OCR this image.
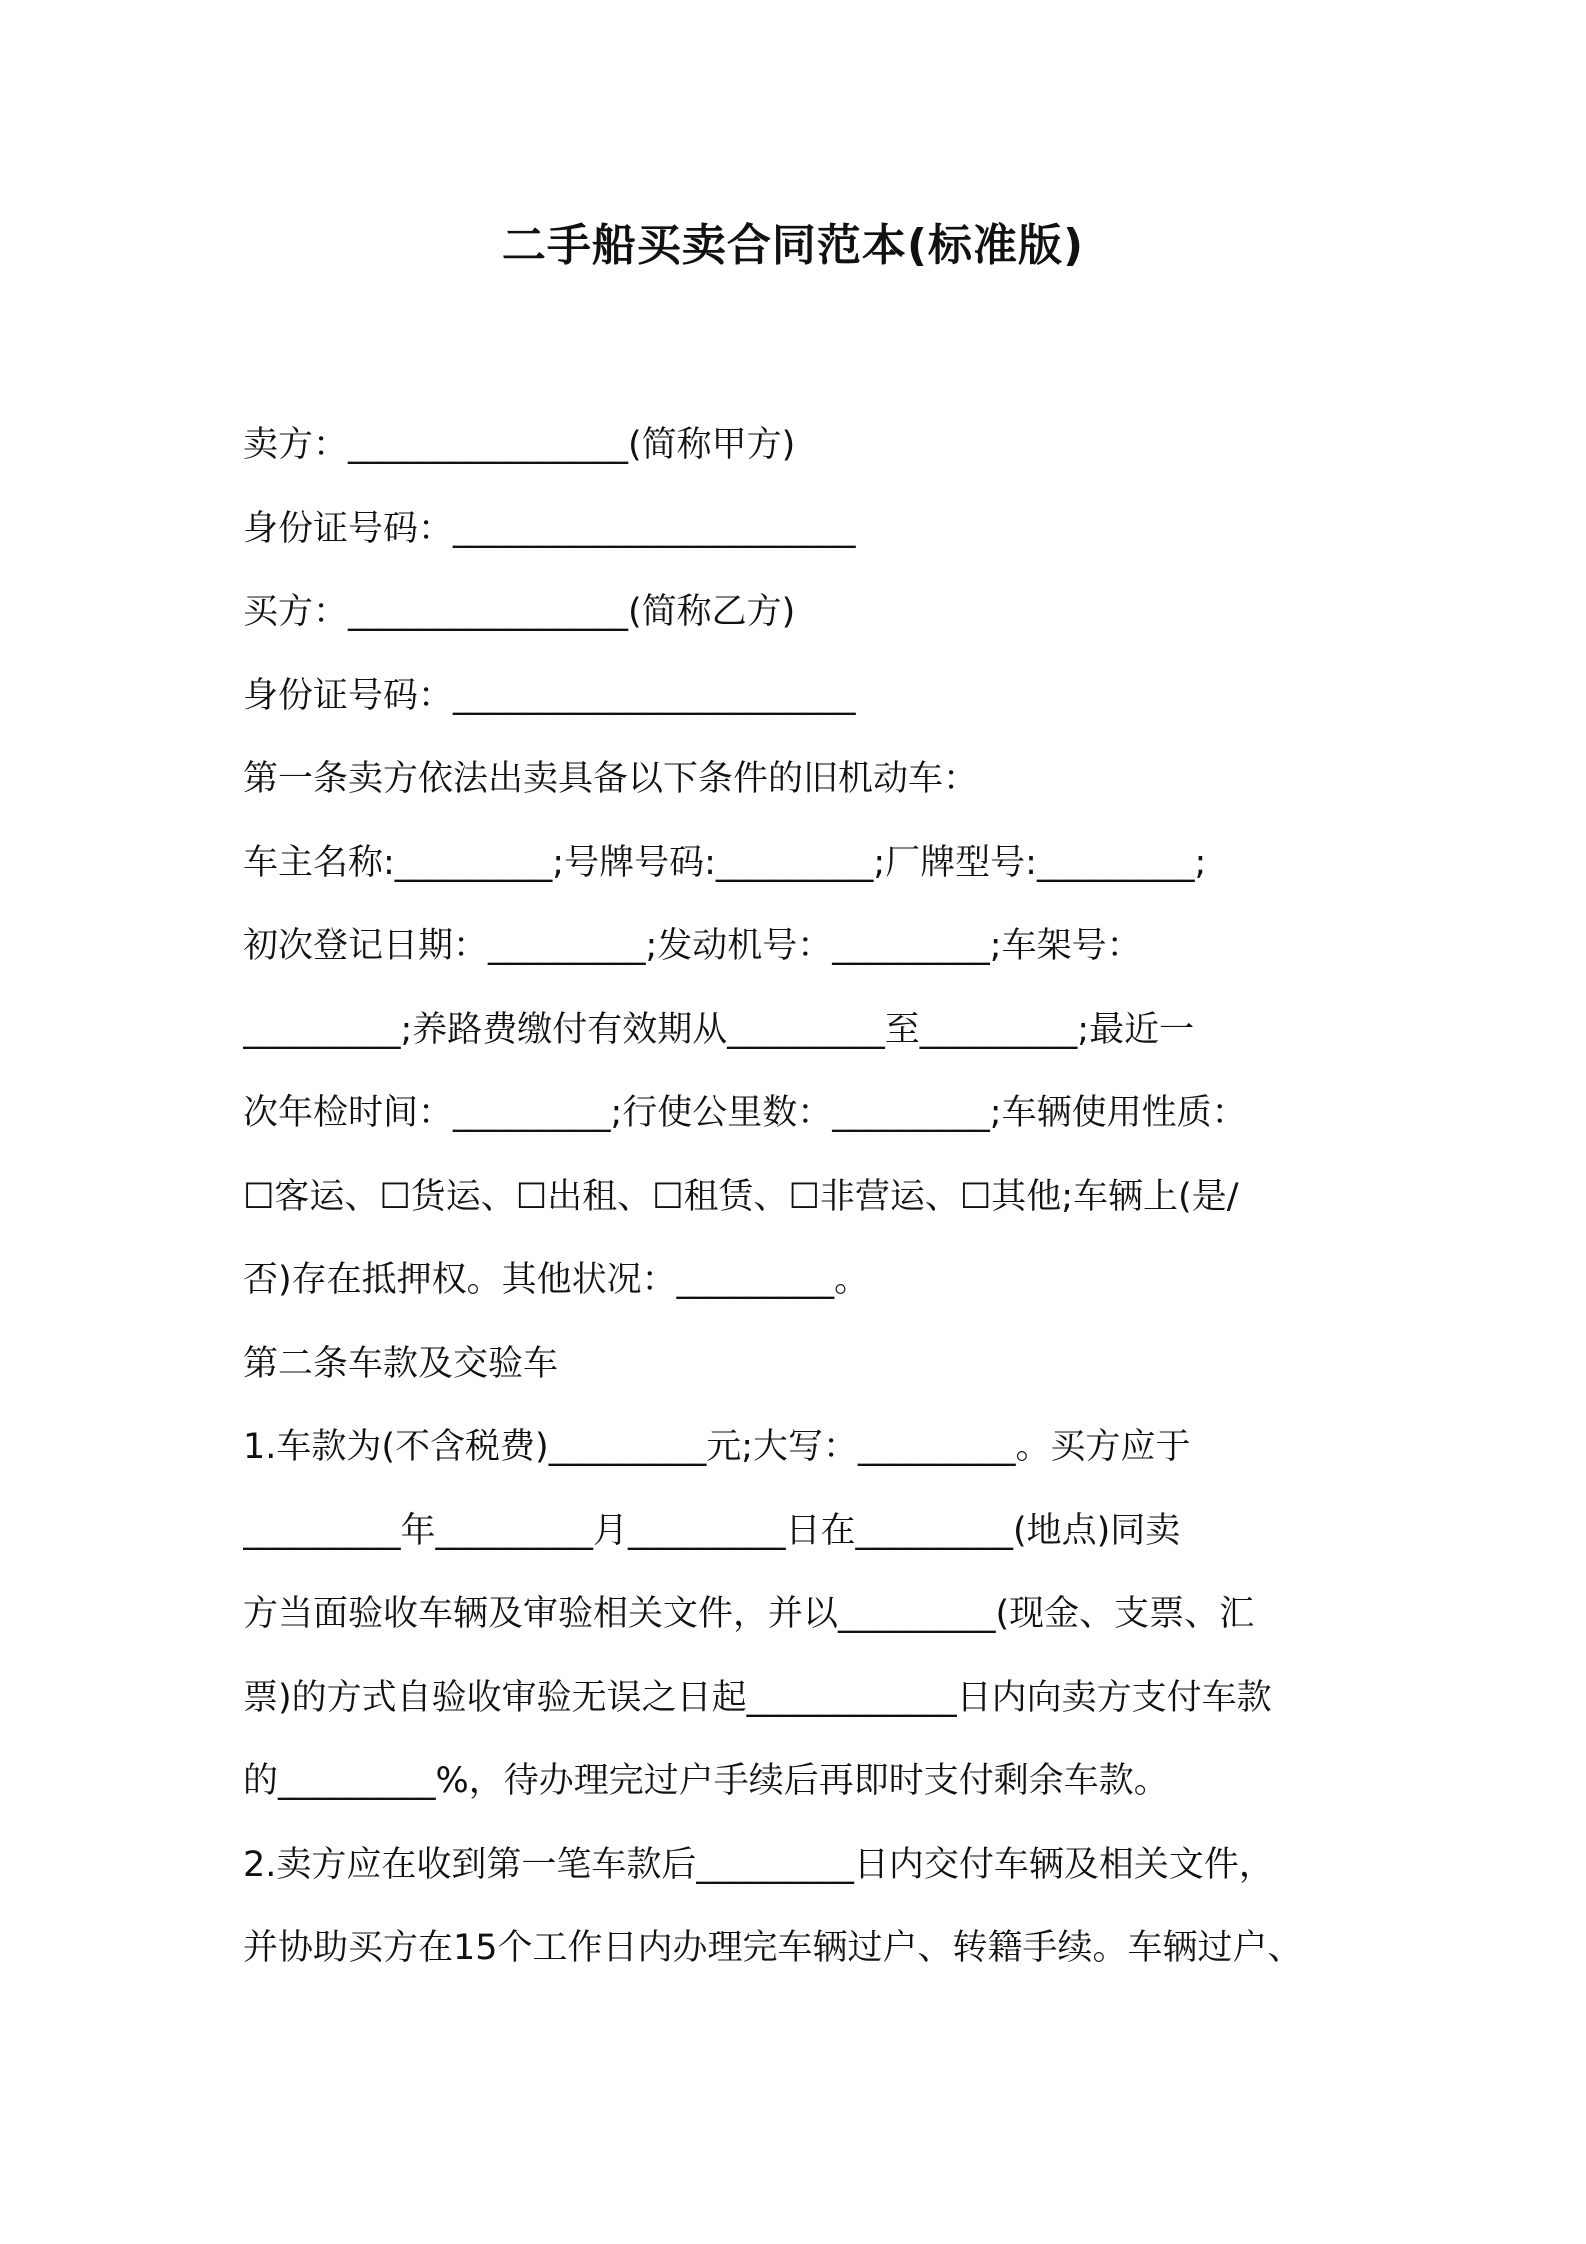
二手船买卖合同范本(标准版)
卖方：________________(简称甲方)
身份证号码：_______________________
买方：________________(简称乙方)
身份证号码：_______________________
第一条卖方依法出卖具备以下条件的旧机动车：
车主名称:_________;号牌号码:_________;厂牌型号:_________;
初次登记日期：_________;发动机号：_________;车架号：
_________;养路费缴付有效期从_________至_________;最近一
次年检时间：_________;行使公里数：_________;车辆使用性质：
☐客运、☐货运、☐出租、☐租赁、☐非营运、☐其他;车辆上(是/
否)存在抵押权。其他状况：_________。
第二条车款及交验车
1.车款为(不含税费)_________元;大写：_________。买方应于
_________年_________月_________日在_________(地点)同卖
方当面验收车辆及审验相关文件，并以_________(现金、支票、汇
票)的方式自验收审验无误之日起____________日内向卖方支付车款
的_________%，待办理完过户手续后再即时支付剩余车款。
2.卖方应在收到第一笔车款后_________日内交付车辆及相关文件，
并协助买方在15个工作日内办理完车辆过户、转籍手续。车辆过户、
